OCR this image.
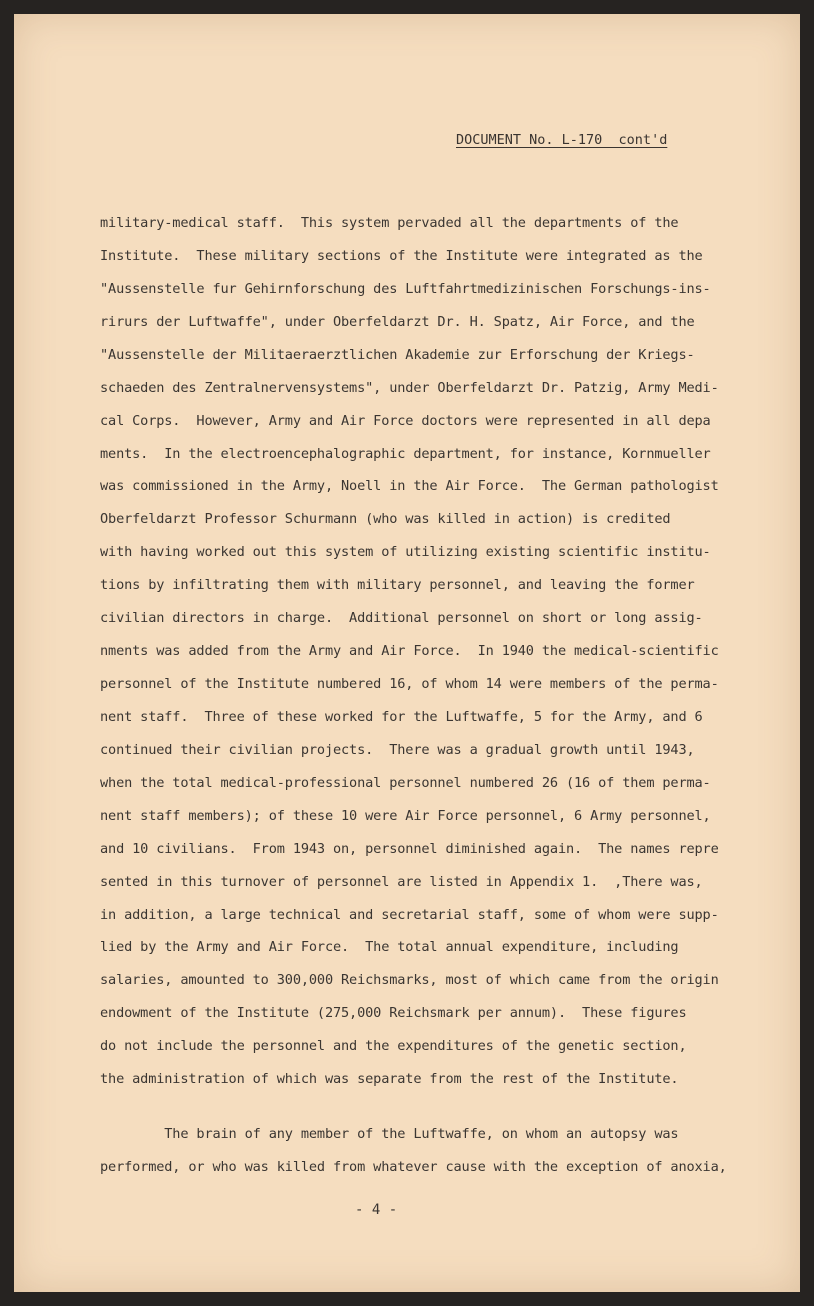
DOCUMENT No. L-170  cont'd
military-medical staff.  This system pervaded all the departments of the
Institute.  These military sections of the Institute were integrated as the
"Aussenstelle fur Gehirnforschung des Luftfahrtmedizinischen Forschungs-ins-
rirurs der Luftwaffe", under Oberfeldarzt Dr. H. Spatz, Air Force, and the
"Aussenstelle der Militaeraerztlichen Akademie zur Erforschung der Kriegs-
schaeden des Zentralnervensystems", under Oberfeldarzt Dr. Patzig, Army Medi-
cal Corps.  However, Army and Air Force doctors were represented in all depa
ments.  In the electroencephalographic department, for instance, Kornmueller
was commissioned in the Army, Noell in the Air Force.  The German pathologist
Oberfeldarzt Professor Schurmann (who was killed in action) is credited
with having worked out this system of utilizing existing scientific institu-
tions by infiltrating them with military personnel, and leaving the former
civilian directors in charge.  Additional personnel on short or long assig-
nments was added from the Army and Air Force.  In 1940 the medical-scientific
personnel of the Institute numbered 16, of whom 14 were members of the perma-
nent staff.  Three of these worked for the Luftwaffe, 5 for the Army, and 6
continued their civilian projects.  There was a gradual growth until 1943,
when the total medical-professional personnel numbered 26 (16 of them perma-
nent staff members); of these 10 were Air Force personnel, 6 Army personnel,
and 10 civilians.  From 1943 on, personnel diminished again.  The names repre
sented in this turnover of personnel are listed in Appendix 1.  ,There was,
in addition, a large technical and secretarial staff, some of whom were supp-
lied by the Army and Air Force.  The total annual expenditure, including
salaries, amounted to 300,000 Reichsmarks, most of which came from the origin
endowment of the Institute (275,000 Reichsmark per annum).  These figures
do not include the personnel and the expenditures of the genetic section,
the administration of which was separate from the rest of the Institute.
The brain of any member of the Luftwaffe, on whom an autopsy was
performed, or who was killed from whatever cause with the exception of anoxia,
- 4 -
